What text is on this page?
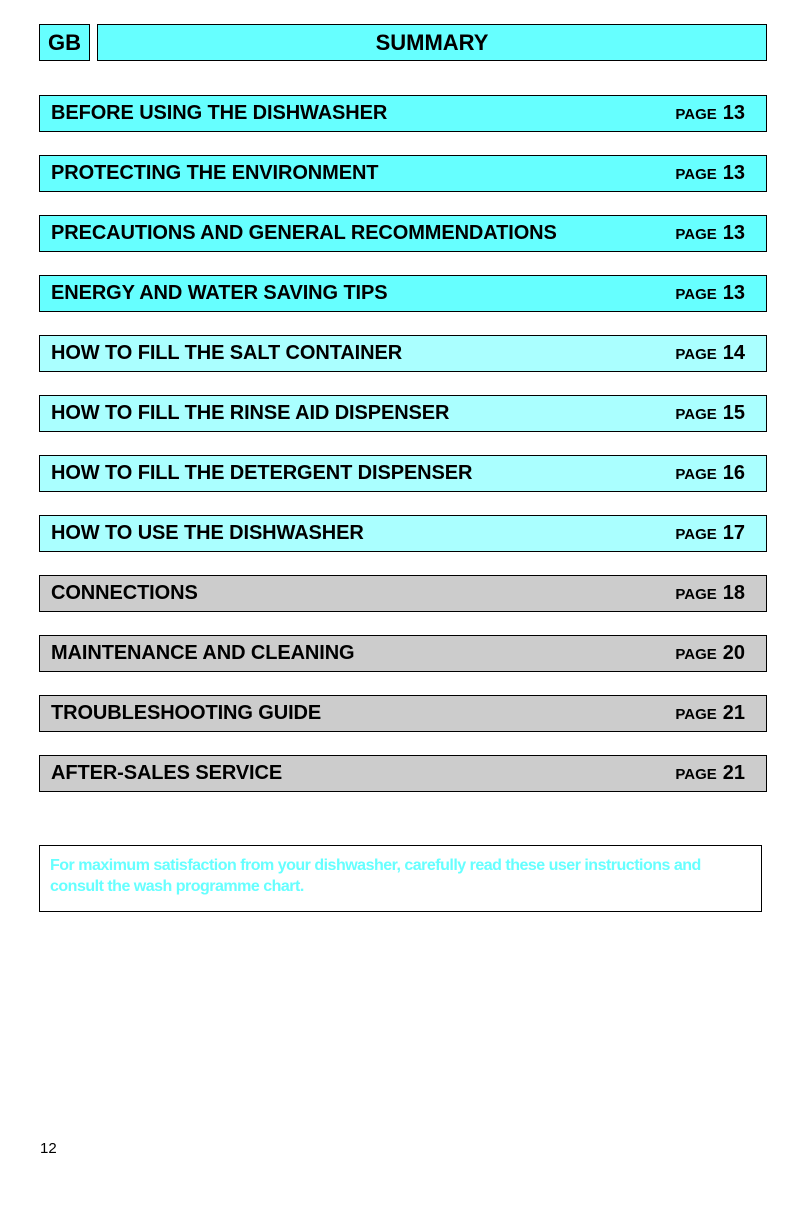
GB	SUMMARY
BEFORE USING THE DISHWASHER	PAGE 13
PROTECTING THE ENVIRONMENT	PAGE 13
PRECAUTIONS AND GENERAL RECOMMENDATIONS	PAGE 13
ENERGY AND WATER SAVING TIPS	PAGE 13
HOW TO FILL THE SALT CONTAINER	PAGE 14
HOW TO FILL THE RINSE AID DISPENSER	PAGE 15
HOW TO FILL THE DETERGENT DISPENSER	PAGE 16
HOW TO USE THE DISHWASHER	PAGE 17
CONNECTIONS	PAGE 18
MAINTENANCE AND CLEANING	PAGE 20
TROUBLESHOOTING GUIDE	PAGE 21
AFTER-SALES SERVICE	PAGE 21
For maximum satisfaction from your dishwasher, carefully read these user instructions and consult the wash programme chart.
12
